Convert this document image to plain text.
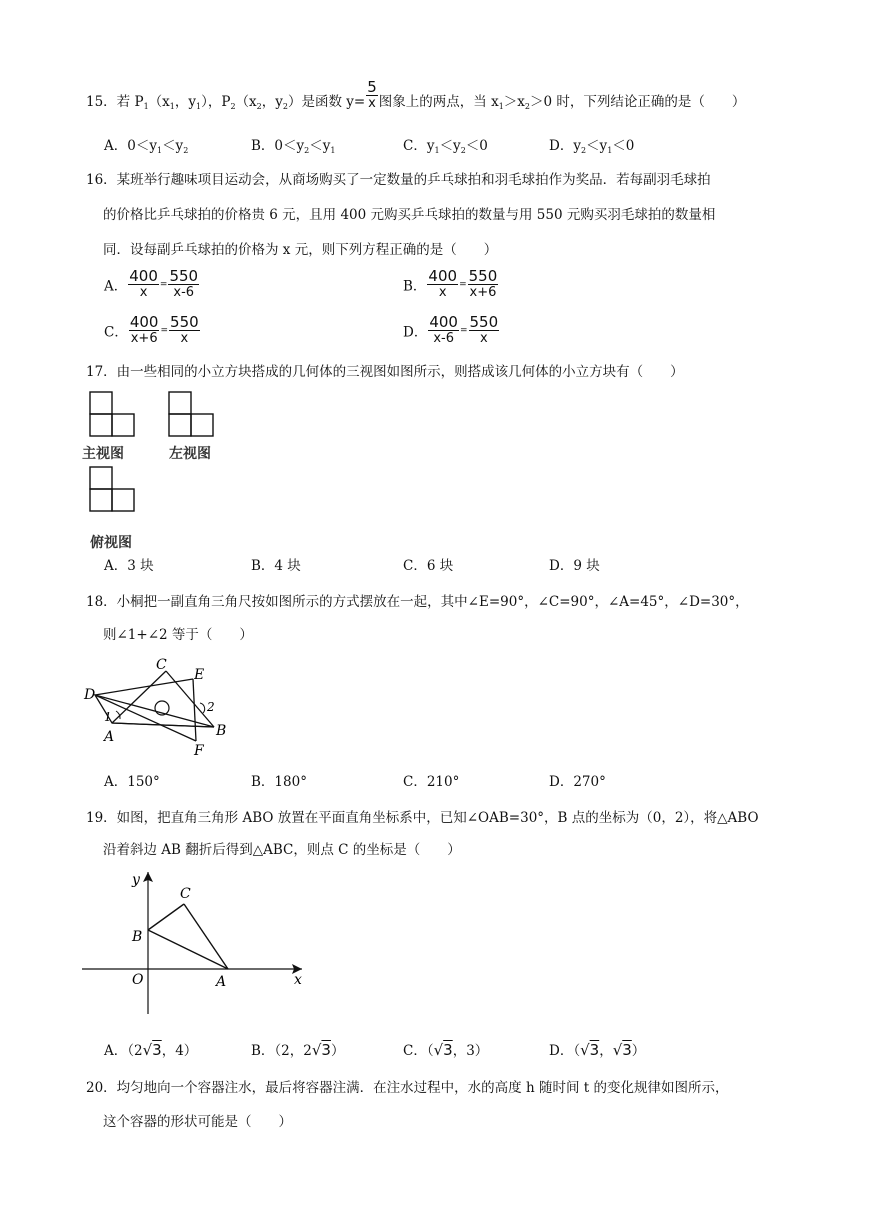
15．若 $P_1(x_1$，$y_1$），$P_2(x_2$，$y_2$）是函数 $y= \frac{5}{x}$ 图象上的两点，当 $x_1>x_2>0$ 时，下列结论正确的是（　　）
A．$0<y_1<y_2$	B．$0<y_2<y_1$	C．$y_1<y_2<0$	D．$y_2<y_1<0$
16．某班举行趣味项目运动会，从商场购买了一定数量的乒乓球拍和羽毛球拍作为奖品．若每副羽毛球拍
的价格比乒乓球拍的价格贵 6 元，且用 400 元购买乒乓球拍的数量与用 550 元购买羽毛球拍的数量相
同．设每副乒乓球拍的价格为 x 元，则下列方程正确的是（　　）
A． $\frac{400}{x} = \frac{550}{x-6}$	B． $\frac{400}{x} = \frac{550}{x+6}$
C． $\frac{400}{x+6} = \frac{550}{x}$	D． $\frac{400}{x-6} = \frac{550}{x}$
17．由一些相同的小立方块搭成的几何体的三视图如图所示，则搭成该几何体的小立方块有（　　）
主视图	左视图
俯视图
A．3 块	B．4 块	C．6 块	D．9 块
18．小桐把一副直角三角尺按如图所示的方式摆放在一起，其中∠E=90°，∠C=90°，∠A=45°，∠D=30°，
则∠1+∠2 等于（　　）
C
E
D
A	B
F
1
2
A．150°	B．180°	C．210°	D．270°
19．如图，把直角三角形 ABO 放置在平面直角坐标系中，已知∠OAB=30°，B 点的坐标为（0，2），将△ABO
沿着斜边 AB 翻折后得到△ABC，则点 C 的坐标是（　　）
y
x
O	A
B
C
A．（2√3，4）	B．（2，2√3）	C．（√3，3）	D．（√3，√3）
20．均匀地向一个容器注水，最后将容器注满．在注水过程中，水的高度 h 随时间 t 的变化规律如图所示，
这个容器的形状可能是（　　）
